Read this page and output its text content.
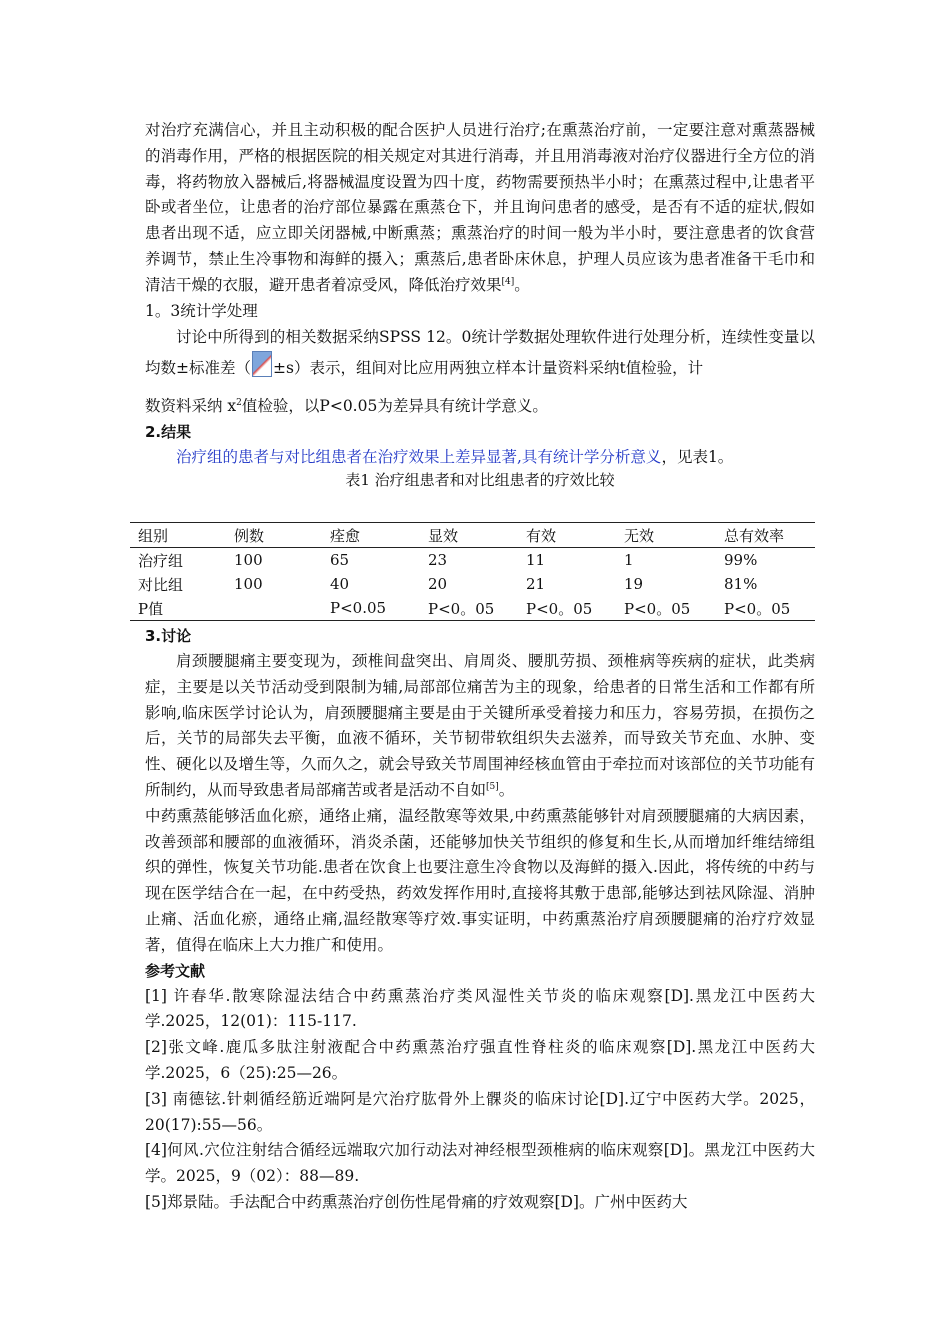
对治疗充满信心，并且主动积极的配合医护人员进行治疗;在熏蒸治疗前，一定要注意对熏蒸器械的消毒作用，严格的根据医院的相关规定对其进行消毒，并且用消毒液对治疗仪器进行全方位的消毒，将药物放入器械后,将器械温度设置为四十度，药物需要预热半小时；在熏蒸过程中,让患者平卧或者坐位，让患者的治疗部位暴露在熏蒸仓下，并且询问患者的感受，是否有不适的症状,假如患者出现不适，应立即关闭器械,中断熏蒸；熏蒸治疗的时间一般为半小时，要注意患者的饮食营养调节，禁止生冷事物和海鲜的摄入；熏蒸后,患者卧床休息，护理人员应该为患者准备干毛巾和清洁干燥的衣服，避开患者着凉受风，降低治疗效果[4]。

1。3统计学处理

讨论中所得到的相关数据采纳SPSS 12。0统计学数据处理软件进行处理分析，连续性变量以均数±标准差（ ±s）表示，组间对比应用两独立样本计量资料采纳t值检验，计

数资料采纳 $x^2$值检验，以P<0.05为差异具有统计学意义。

2.结果

治疗组的患者与对比组患者在治疗效果上差异显著,具有统计学分析意义，见表1。

表1 治疗组患者和对比组患者的疗效比较

组别	例数	痊愈	显效	有效	无效	总有效率
治疗组	100	65	23	11	1	99%
对比组	100	40	20	21	19	81%
P值		P<0.05	P<0。05	P<0。05	P<0。05	P<0。05

3.讨论

肩颈腰腿痛主要变现为，颈椎间盘突出、肩周炎、腰肌劳损、颈椎病等疾病的症状，此类病症，主要是以关节活动受到限制为辅,局部部位痛苦为主的现象，给患者的日常生活和工作都有所影响,临床医学讨论认为，肩颈腰腿痛主要是由于关键所承受着接力和压力，容易劳损，在损伤之后，关节的局部失去平衡，血液不循环，关节韧带软组织失去滋养，而导致关节充血、水肿、变性、硬化以及增生等，久而久之，就会导致关节周围神经核血管由于牵拉而对该部位的关节功能有所制约，从而导致患者局部痛苦或者是活动不自如[5]。

中药熏蒸能够活血化瘀，通络止痛，温经散寒等效果,中药熏蒸能够针对肩颈腰腿痛的大病因素，改善颈部和腰部的血液循环，消炎杀菌，还能够加快关节组织的修复和生长,从而增加纤维结缔组织的弹性，恢复关节功能.患者在饮食上也要注意生冷食物以及海鲜的摄入.因此，将传统的中药与现在医学结合在一起，在中药受热，药效发挥作用时,直接将其敷于患部,能够达到祛风除湿、消肿止痛、活血化瘀，通络止痛,温经散寒等疗效.事实证明，中药熏蒸治疗肩颈腰腿痛的治疗疗效显著，值得在临床上大力推广和使用。

参考文献

[1] 许春华.散寒除湿法结合中药熏蒸治疗类风湿性关节炎的临床观察[D].黑龙江中医药大学.2025，12(01)：115-117.

[2]张文峰.鹿瓜多肽注射液配合中药熏蒸治疗强直性脊柱炎的临床观察[D].黑龙江中医药大学.2025，6（25):25—26。

[3] 南德铉.针刺循经筋近端阿是穴治疗肱骨外上髁炎的临床讨论[D].辽宁中医药大学。2025，20(17):55—56。

[4]何风.穴位注射结合循经远端取穴加行动法对神经根型颈椎病的临床观察[D]。黑龙江中医药大学。2025，9（02）：88—89.

[5]郑景陆。手法配合中药熏蒸治疗创伤性尾骨痛的疗效观察[D]。广州中医药大
